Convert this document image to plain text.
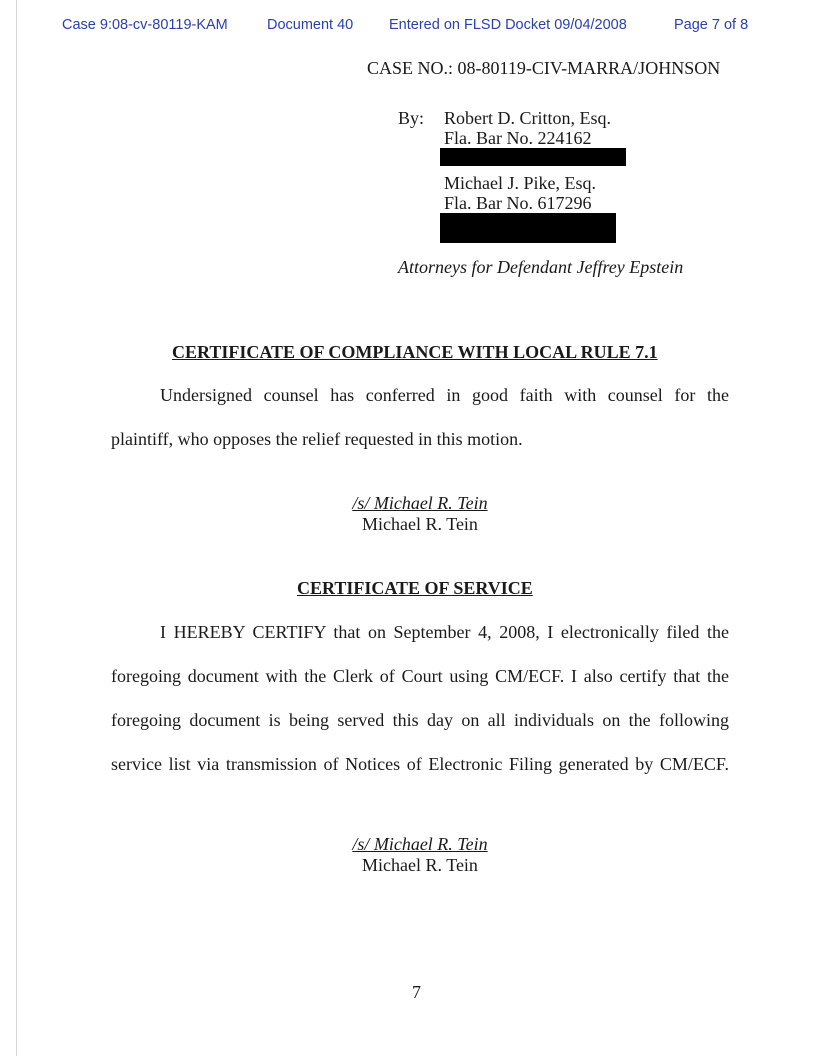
Case 9:08-cv-80119-KAM	Document 40 Entered on FLSD Docket 09/04/2008	Page 7 of 8
CASE NO.: 08-80119-CIV-MARRA/JOHNSON
By: Robert D. Critton, Esq.
Fla. Bar No. 224162
Michael J. Pike, Esq.
Fla. Bar No. 617296
Attorneys for Defendant Jeffrey Epstein
CERTIFICATE OF COMPLIANCE WITH LOCAL RULE 7.1
Undersigned counsel has conferred in good faith with counsel for the
plaintiff, who opposes the relief requested in this motion.
/s/ Michael R. Tein
Michael R. Tein
CERTIFICATE OF SERVICE
I HEREBY CERTIFY that on September 4, 2008, I electronically filed the
foregoing document with the Clerk of Court using CM/ECF. I also certify that the
foregoing document is being served this day on all individuals on the following
service list via transmission of Notices of Electronic Filing generated by CM/ECF.
/s/ Michael R. Tein
Michael R. Tein
7
